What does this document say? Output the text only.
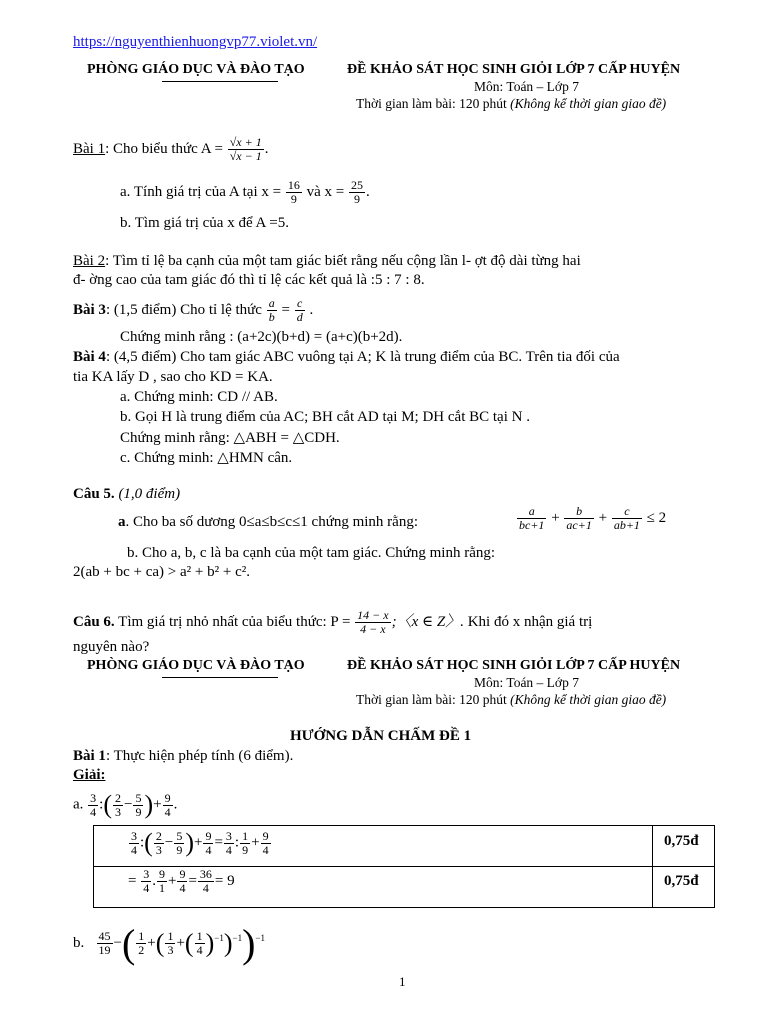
https://nguyenthienhuongvp77.violet.vn/
PHÒNG GIÁO DỤC VÀ ĐÀO TẠO	ĐỀ KHẢO SÁT HỌC SINH GIỎI LỚP 7 CẤP HUYỆN
Môn: Toán – Lớp 7
Thời gian làm bài: 120 phút (Không kể thời gian giao đề)
Bài 1: Cho biểu thức $A = \frac{√x + 1}{√x - 1}$ .
a. Tính giá trị của A tại $x = \frac{16}{9}$ và $x = \frac{25}{9}$ .
b. Tìm giá trị của x để A =5.
Bài 2: Tìm tỉ lệ ba cạnh của một tam giác biết rằng nếu cộng lần l- ợt độ dài từng hai
đ- ờng cao của tam giác đó thì tỉ lệ các kết quả là :5 : 7 : 8.
Bài 3: (1,5 điểm) Cho tỉ lệ thức $\frac{a}{b} = \frac{c}{d}$ .
Chứng minh rằng : (a+2c)(b+d) = (a+c)(b+2d).
Bài 4: (4,5 điểm) Cho tam giác ABC vuông tại A; K là trung điểm của BC. Trên tia đối của
tia KA lấy D , sao cho KD = KA.
a. Chứng minh: CD // AB.
b. Gọi H là trung điểm của AC; BH cắt AD tại M; DH cắt BC tại N .
Chứng minh rằng: △ABH = △CDH.
c. Chứng minh: △HMN cân.
Câu 5. (1,0 điểm)
a. Cho ba số dương 0≤a≤b≤c≤1 chứng minh rằng:	$\frac{a}{bc+1} + \frac{b}{ac+1} + \frac{c}{ab+1} \le 2$
b. Cho a, b, c là ba cạnh của một tam giác. Chứng minh rằng:
2(ab + bc + ca) > a² + b² + c².
Câu 6. Tìm giá trị nhỏ nhất của biểu thức: $P = \frac{14 - x}{4 - x}$ ;〈x ∈ Z〉. Khi đó x nhận giá trị
nguyên nào?
PHÒNG GIÁO DỤC VÀ ĐÀO TẠO	ĐỀ KHẢO SÁT HỌC SINH GIỎI LỚP 7 CẤP HUYỆN
Môn: Toán – Lớp 7
Thời gian làm bài: 120 phút (Không kể thời gian giao đề)
HƯỚNG DẪN CHẤM ĐỀ 1
Bài 1: Thực hiện phép tính (6 điểm).
Giải:
a. $\frac{3}{4}$ :( $\frac{2}{3} - \frac{5}{9}$ )+ $\frac{9}{4}$ .
$\frac{3}{4}$ :( $\frac{2}{3} - \frac{5}{9}$ )+ $\frac{9}{4} = \frac{3}{4}$ : $\frac{1}{9} + \frac{9}{4}$	0,75đ
= $\frac{3}{4}$ . $\frac{9}{1} + \frac{9}{4} = \frac{36}{4} = 9$	0,75đ
b. $\frac{45}{19}$ −( $\frac{1}{2}$ +( $\frac{1}{3}$ +( $\frac{1}{4} )^{-1})^{-1})^{-1}$
1
